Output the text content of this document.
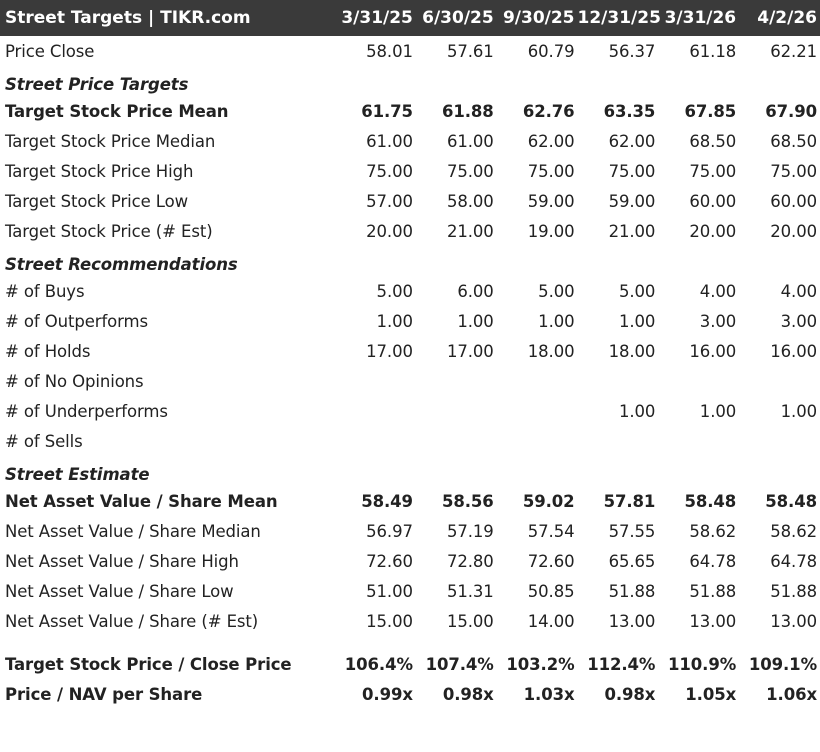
Street Targets | TIKR.com	3/31/25	6/30/25	9/30/25	12/31/25	3/31/26	4/2/26
Price Close	58.01	57.61	60.79	56.37	61.18	62.21
Street Price Targets						
Target Stock Price Mean	61.75	61.88	62.76	63.35	67.85	67.90
Target Stock Price Median	61.00	61.00	62.00	62.00	68.50	68.50
Target Stock Price High	75.00	75.00	75.00	75.00	75.00	75.00
Target Stock Price Low	57.00	58.00	59.00	59.00	60.00	60.00
Target Stock Price (# Est)	20.00	21.00	19.00	21.00	20.00	20.00
Street Recommendations						
# of Buys	5.00	6.00	5.00	5.00	4.00	4.00
# of Outperforms	1.00	1.00	1.00	1.00	3.00	3.00
# of Holds	17.00	17.00	18.00	18.00	16.00	16.00
# of No Opinions						
# of Underperforms				1.00	1.00	1.00
# of Sells						
Street Estimate						
Net Asset Value / Share Mean	58.49	58.56	59.02	57.81	58.48	58.48
Net Asset Value / Share Median	56.97	57.19	57.54	57.55	58.62	58.62
Net Asset Value / Share High	72.60	72.80	72.60	65.65	64.78	64.78
Net Asset Value / Share Low	51.00	51.31	50.85	51.88	51.88	51.88
Net Asset Value / Share (# Est)	15.00	15.00	14.00	13.00	13.00	13.00

Target Stock Price / Close Price	106.4%	107.4%	103.2%	112.4%	110.9%	109.1%
Price / NAV per Share	0.99x	0.98x	1.03x	0.98x	1.05x	1.06x
